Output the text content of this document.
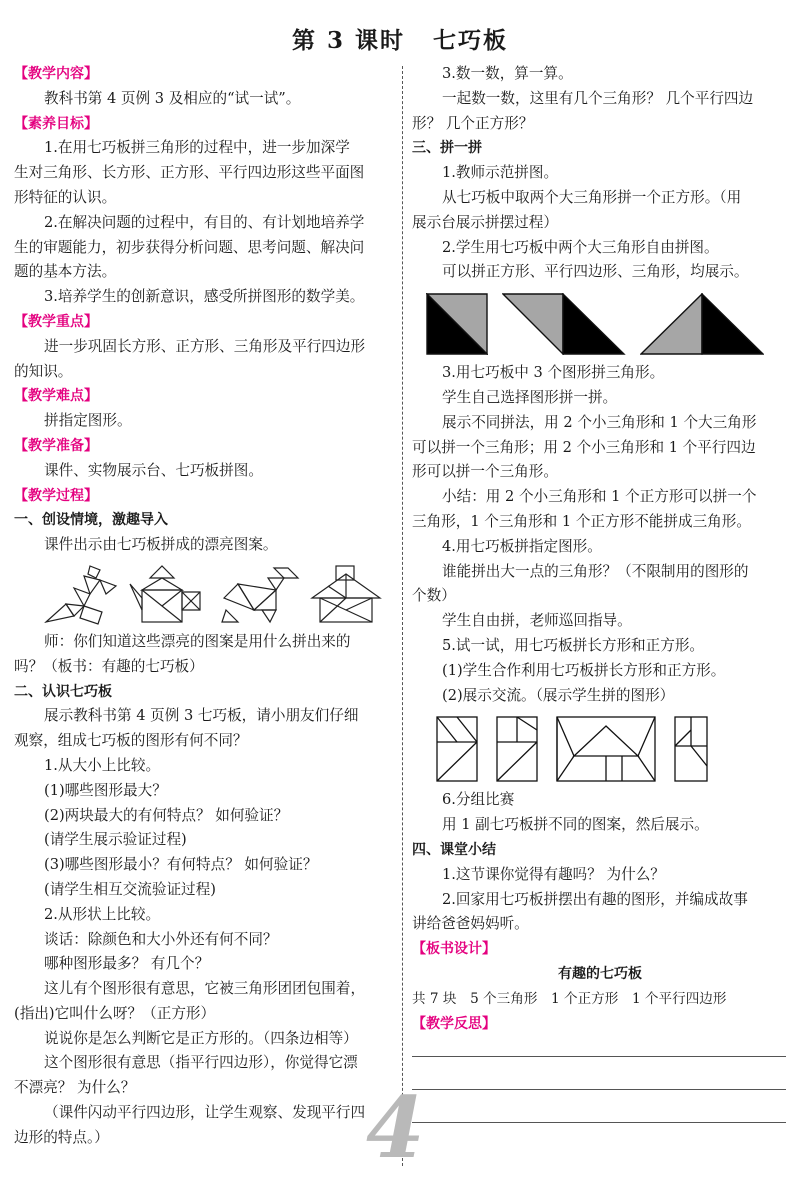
第 3 课时 七巧板
【教学内容】
教科书第 4 页例 3 及相应的“试一试”。
【素养目标】
1.在用七巧板拼三角形的过程中，进一步加深学
生对三角形、长方形、正方形、平行四边形这些平面图
形特征的认识。
2.在解决问题的过程中，有目的、有计划地培养学
生的审题能力，初步获得分析问题、思考问题、解决问
题的基本方法。
3.培养学生的创新意识，感受所拼图形的数学美。
【教学重点】
进一步巩固长方形、正方形、三角形及平行四边形
的知识。
【教学难点】
拼指定图形。
【教学准备】
课件、实物展示台、七巧板拼图。
【教学过程】
一、创设情境，激趣导入
课件出示由七巧板拼成的漂亮图案。
师：你们知道这些漂亮的图案是用什么拼出来的
吗？（板书：有趣的七巧板）
二、认识七巧板
展示教科书第 4 页例 3 七巧板，请小朋友们仔细
观察，组成七巧板的图形有何不同？
1.从大小上比较。
(1)哪些图形最大？
(2)两块最大的有何特点？ 如何验证？
(请学生展示验证过程)
(3)哪些图形最小？有何特点？ 如何验证？
(请学生相互交流验证过程)
2.从形状上比较。
谈话：除颜色和大小外还有何不同？
哪种图形最多？ 有几个？
这儿有个图形很有意思，它被三角形团团包围着，
(指出)它叫什么呀？（正方形）
说说你是怎么判断它是正方形的。（四条边相等）
这个图形很有意思（指平行四边形），你觉得它漂
不漂亮？ 为什么？
（课件闪动平行四边形，让学生观察、发现平行四
边形的特点。）
3.数一数，算一算。
一起数一数，这里有几个三角形？ 几个平行四边
形？ 几个正方形？
三、拼一拼
1.教师示范拼图。
从七巧板中取两个大三角形拼一个正方形。（用
展示台展示拼摆过程）
2.学生用七巧板中两个大三角形自由拼图。
可以拼正方形、平行四边形、三角形，均展示。
3.用七巧板中 3 个图形拼三角形。
学生自己选择图形拼一拼。
展示不同拼法，用 2 个小三角形和 1 个大三角形
可以拼一个三角形；用 2 个小三角形和 1 个平行四边
形可以拼一个三角形。
小结：用 2 个小三角形和 1 个正方形可以拼一个
三角形，1 个三角形和 1 个正方形不能拼成三角形。
4.用七巧板拼指定图形。
谁能拼出大一点的三角形？（不限制用的图形的
个数）
学生自由拼，老师巡回指导。
5.试一试，用七巧板拼长方形和正方形。
(1)学生合作利用七巧板拼长方形和正方形。
(2)展示交流。（展示学生拼的图形）
6.分组比赛
用 1 副七巧板拼不同的图案，然后展示。
四、课堂小结
1.这节课你觉得有趣吗？ 为什么？
2.回家用七巧板拼摆出有趣的图形，并编成故事
讲给爸爸妈妈听。
【板书设计】
有趣的七巧板
共 7 块　5 个三角形　1 个正方形　1 个平行四边形
【教学反思】
4
